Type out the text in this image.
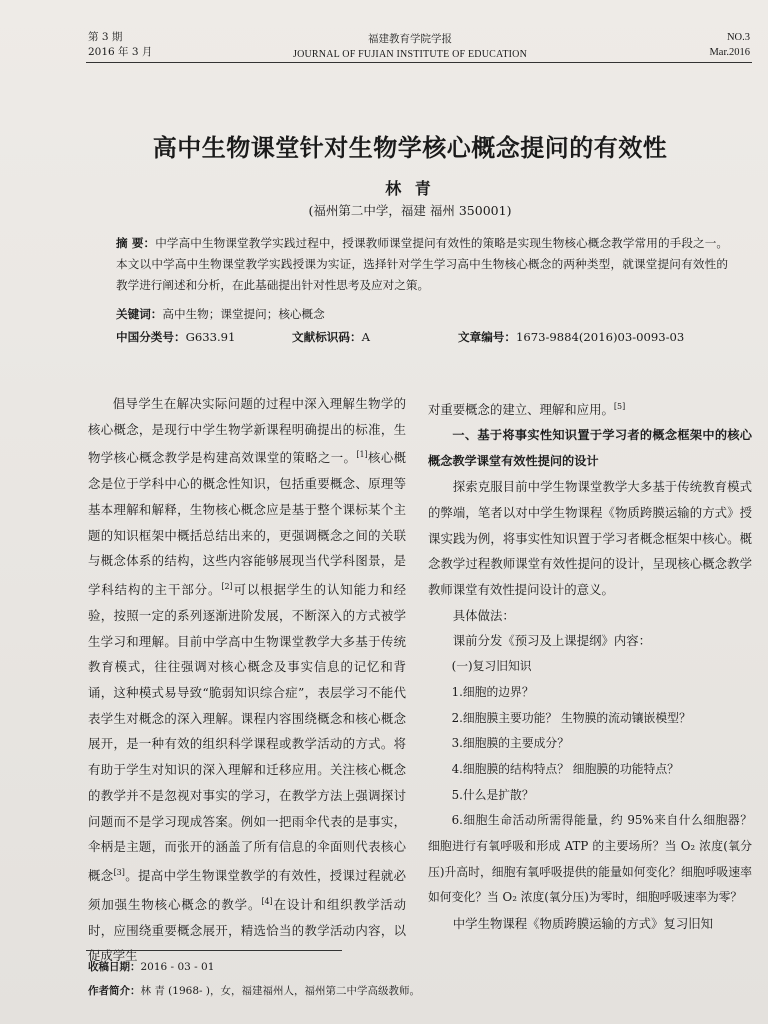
第 3 期
2016 年 3 月
福建教育学院学报
JOURNAL OF FUJIAN INSTITUTE OF EDUCATION
NO.3
Mar.2016
高中生物课堂针对生物学核心概念提问的有效性
林 青
(福州第二中学，福建 福州 350001)
摘 要：中学高中生物课堂教学实践过程中，授课教师课堂提问有效性的策略是实现生物核心概念教学常用的手段之一。本文以中学高中生物课堂教学实践授课为实证，选择针对学生学习高中生物核心概念的两种类型，就课堂提问有效性的教学进行阐述和分析，在此基础提出针对性思考及应对之策。
关键词：高中生物；课堂提问；核心概念
中国分类号：G633.91	文献标识码：A	文章编号：1673-9884(2016)03-0093-03

倡导学生在解决实际问题的过程中深入理解生物学的核心概念，是现行中学生物学新课程明确提出的标准，生物学核心概念教学是构建高效课堂的策略之一。[1]核心概念是位于学科中心的概念性知识，包括重要概念、原理等基本理解和解释，生物核心概念应是基于整个课标某个主题的知识框架中概括总结出来的，更强调概念之间的关联与概念体系的结构，这些内容能够展现当代学科图景，是学科结构的主干部分。[2]可以根据学生的认知能力和经验，按照一定的系列逐渐进阶发展，不断深入的方式被学生学习和理解。目前中学高中生物课堂教学大多基于传统教育模式，往往强调对核心概念及事实信息的记忆和背诵，这种模式易导致“脆弱知识综合症”，表层学习不能代表学生对概念的深入理解。课程内容围绕概念和核心概念展开，是一种有效的组织科学课程或教学活动的方式。将有助于学生对知识的深入理解和迁移应用。关注核心概念的教学并不是忽视对事实的学习，在教学方法上强调探讨问题而不是学习现成答案。例如一把雨伞代表的是事实，伞柄是主题，而张开的涵盖了所有信息的伞面则代表核心概念[3]。提高中学生物课堂教学的有效性，授课过程就必须加强生物核心概念的教学。[4]在设计和组织教学活动时，应围绕重要概念展开，精选恰当的教学活动内容，以促成学生

对重要概念的建立、理解和应用。[5]

一、基于将事实性知识置于学习者的概念框架中的核心概念教学课堂有效性提问的设计

探索克服目前中学生物课堂教学大多基于传统教育模式的弊端，笔者以对中学生物课程《物质跨膜运输的方式》授课实践为例，将事实性知识置于学习者概念框架中核心。概念教学过程教师课堂有效性提问的设计，呈现核心概念教学教师课堂有效性提问设计的意义。

具体做法：

课前分发《预习及上课提纲》内容：

(一)复习旧知识

1.细胞的边界？

2.细胞膜主要功能？ 生物膜的流动镶嵌模型？

3.细胞膜的主要成分？

4.细胞膜的结构特点？ 细胞膜的功能特点？

5.什么是扩散？

6.细胞生命活动所需得能量，约 95%来自什么细胞器？细胞进行有氧呼吸和形成 ATP 的主要场所？当 O₂ 浓度(氧分压)升高时，细胞有氧呼吸提供的能量如何变化？细胞呼吸速率如何变化？当 O₂ 浓度(氧分压)为零时，细胞呼吸速率为零？

中学生物课程《物质跨膜运输的方式》复习旧知

收稿日期：2016 - 03 - 01
作者简介：林 青 (1968- )，女，福建福州人，福州第二中学高级教师。
